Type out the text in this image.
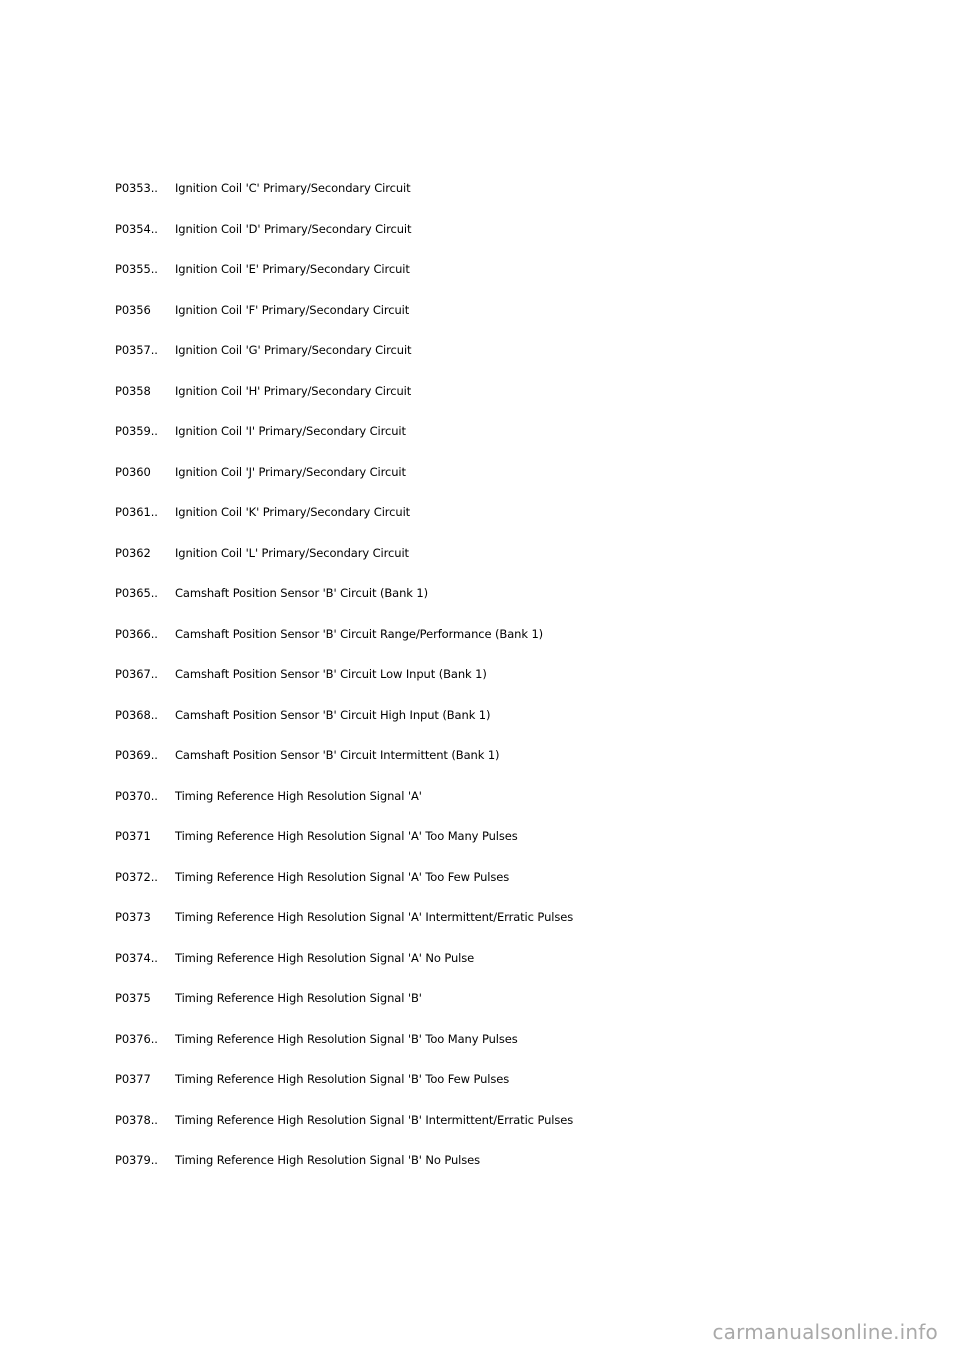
P0353..	Ignition Coil 'C' Primary/Secondary Circuit
P0354..	Ignition Coil 'D' Primary/Secondary Circuit
P0355..	Ignition Coil 'E' Primary/Secondary Circuit
P0356	Ignition Coil 'F' Primary/Secondary Circuit
P0357..	Ignition Coil 'G' Primary/Secondary Circuit
P0358	Ignition Coil 'H' Primary/Secondary Circuit
P0359..	Ignition Coil 'I' Primary/Secondary Circuit
P0360	Ignition Coil 'J' Primary/Secondary Circuit
P0361..	Ignition Coil 'K' Primary/Secondary Circuit
P0362	Ignition Coil 'L' Primary/Secondary Circuit
P0365..	Camshaft Position Sensor 'B' Circuit (Bank 1)
P0366..	Camshaft Position Sensor 'B' Circuit Range/Performance (Bank 1)
P0367..	Camshaft Position Sensor 'B' Circuit Low Input (Bank 1)
P0368..	Camshaft Position Sensor 'B' Circuit High Input (Bank 1)
P0369..	Camshaft Position Sensor 'B' Circuit Intermittent (Bank 1)
P0370..	Timing Reference High Resolution Signal 'A'
P0371	Timing Reference High Resolution Signal 'A' Too Many Pulses
P0372..	Timing Reference High Resolution Signal 'A' Too Few Pulses
P0373	Timing Reference High Resolution Signal 'A' Intermittent/Erratic Pulses
P0374..	Timing Reference High Resolution Signal 'A' No Pulse
P0375	Timing Reference High Resolution Signal 'B'
P0376..	Timing Reference High Resolution Signal 'B' Too Many Pulses
P0377	Timing Reference High Resolution Signal 'B' Too Few Pulses
P0378..	Timing Reference High Resolution Signal 'B' Intermittent/Erratic Pulses
P0379..	Timing Reference High Resolution Signal 'B' No Pulses
carmanualsonline.info
